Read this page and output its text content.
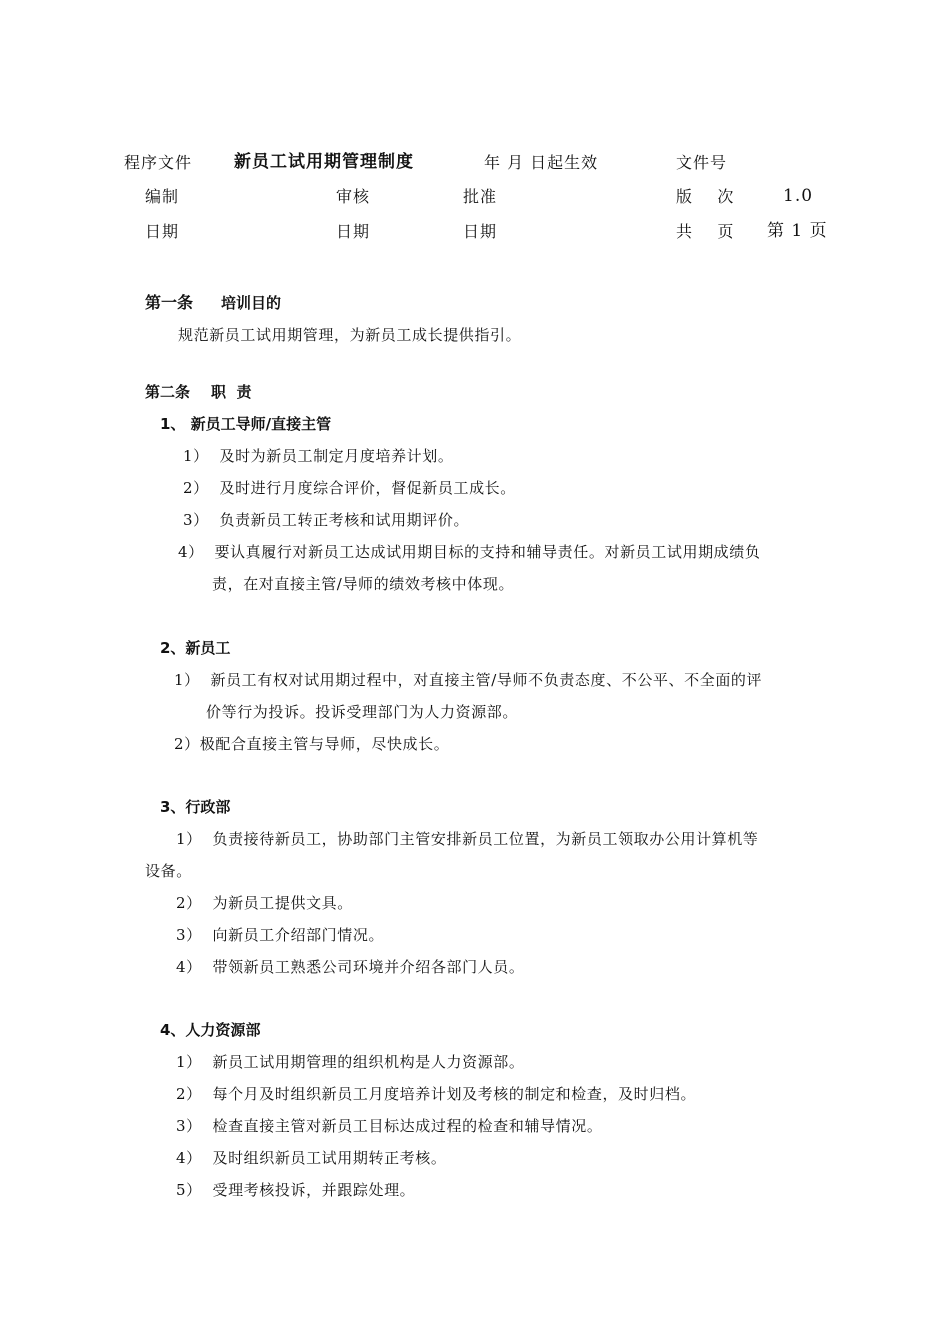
程序文件 新员工试用期管理制度	年 月 日起生效	文件号
编制	审核	批准	版    次	1.0
日期	日期	日期	共    页 第 1 页
第一条 培训目的
规范新员工试用期管理，为新员工成长提供指引。
第二条 职  责
1、 新员工导师/直接主管
1）  及时为新员工制定月度培养计划。
2）  及时进行月度综合评价，督促新员工成长。
3）  负责新员工转正考核和试用期评价。
4）  要认真履行对新员工达成试用期目标的支持和辅导责任。对新员工试用期成绩负
责，在对直接主管/导师的绩效考核中体现。
2、新员工
1）  新员工有权对试用期过程中，对直接主管/导师不负责态度、不公平、不全面的评
价等行为投诉。投诉受理部门为人力资源部。
2）极配合直接主管与导师，尽快成长。
3、行政部
1）  负责接待新员工，协助部门主管安排新员工位置，为新员工领取办公用计算机等
设备。
2）  为新员工提供文具。
3）  向新员工介绍部门情况。
4）  带领新员工熟悉公司环境并介绍各部门人员。
4、人力资源部
1）  新员工试用期管理的组织机构是人力资源部。
2）  每个月及时组织新员工月度培养计划及考核的制定和检查，及时归档。
3）  检查直接主管对新员工目标达成过程的检查和辅导情况。
4）  及时组织新员工试用期转正考核。
5）  受理考核投诉，并跟踪处理。
